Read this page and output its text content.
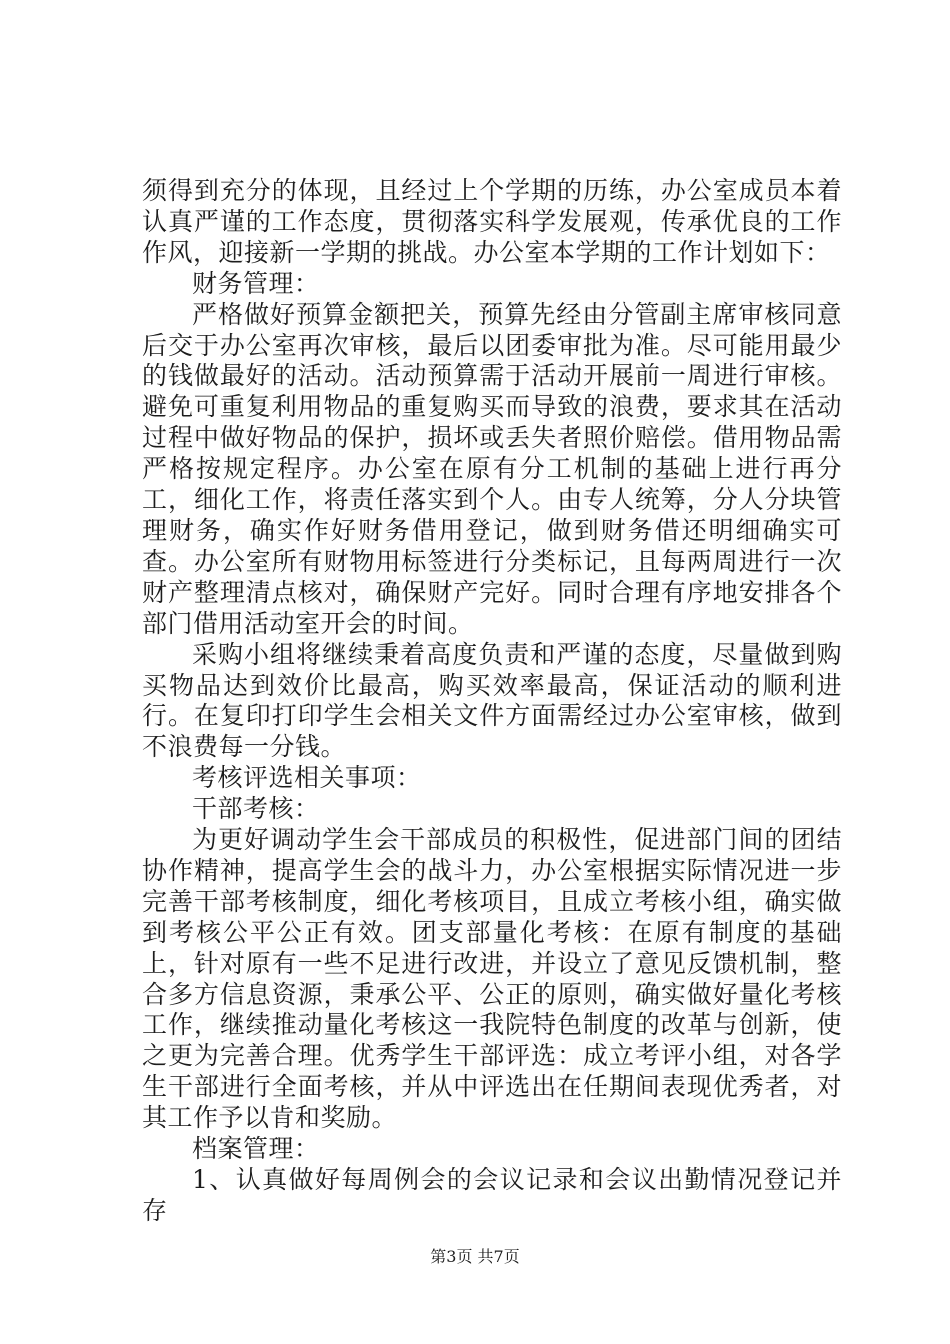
须得到充分的体现，且经过上个学期的历练，办公室成员本着认真严谨的工作态度，贯彻落实科学发展观，传承优良的工作作风，迎接新一学期的挑战。办公室本学期的工作计划如下：

财务管理：

严格做好预算金额把关，预算先经由分管副主席审核同意后交于办公室再次审核，最后以团委审批为准。尽可能用最少的钱做最好的活动。活动预算需于活动开展前一周进行审核。避免可重复利用物品的重复购买而导致的浪费，要求其在活动过程中做好物品的保护，损坏或丢失者照价赔偿。借用物品需严格按规定程序。办公室在原有分工机制的基础上进行再分工，细化工作，将责任落实到个人。由专人统筹，分人分块管理财务，确实作好财务借用登记，做到财务借还明细确实可查。办公室所有财物用标签进行分类标记，且每两周进行一次财产整理清点核对，确保财产完好。同时合理有序地安排各个部门借用活动室开会的时间。

采购小组将继续秉着高度负责和严谨的态度，尽量做到购买物品达到效价比最高，购买效率最高，保证活动的顺利进行。在复印打印学生会相关文件方面需经过办公室审核，做到不浪费每一分钱。

考核评选相关事项：

干部考核：

为更好调动学生会干部成员的积极性，促进部门间的团结协作精神，提高学生会的战斗力，办公室根据实际情况进一步完善干部考核制度，细化考核项目，且成立考核小组，确实做到考核公平公正有效。团支部量化考核：在原有制度的基础上，针对原有一些不足进行改进，并设立了意见反馈机制，整合多方信息资源，秉承公平、公正的原则，确实做好量化考核工作，继续推动量化考核这一我院特色制度的改革与创新，使之更为完善合理。优秀学生干部评选：成立考评小组，对各学生干部进行全面考核，并从中评选出在任期间表现优秀者，对其工作予以肯和奖励。

档案管理：

1、认真做好每周例会的会议记录和会议出勤情况登记并存

第3页 共7页
